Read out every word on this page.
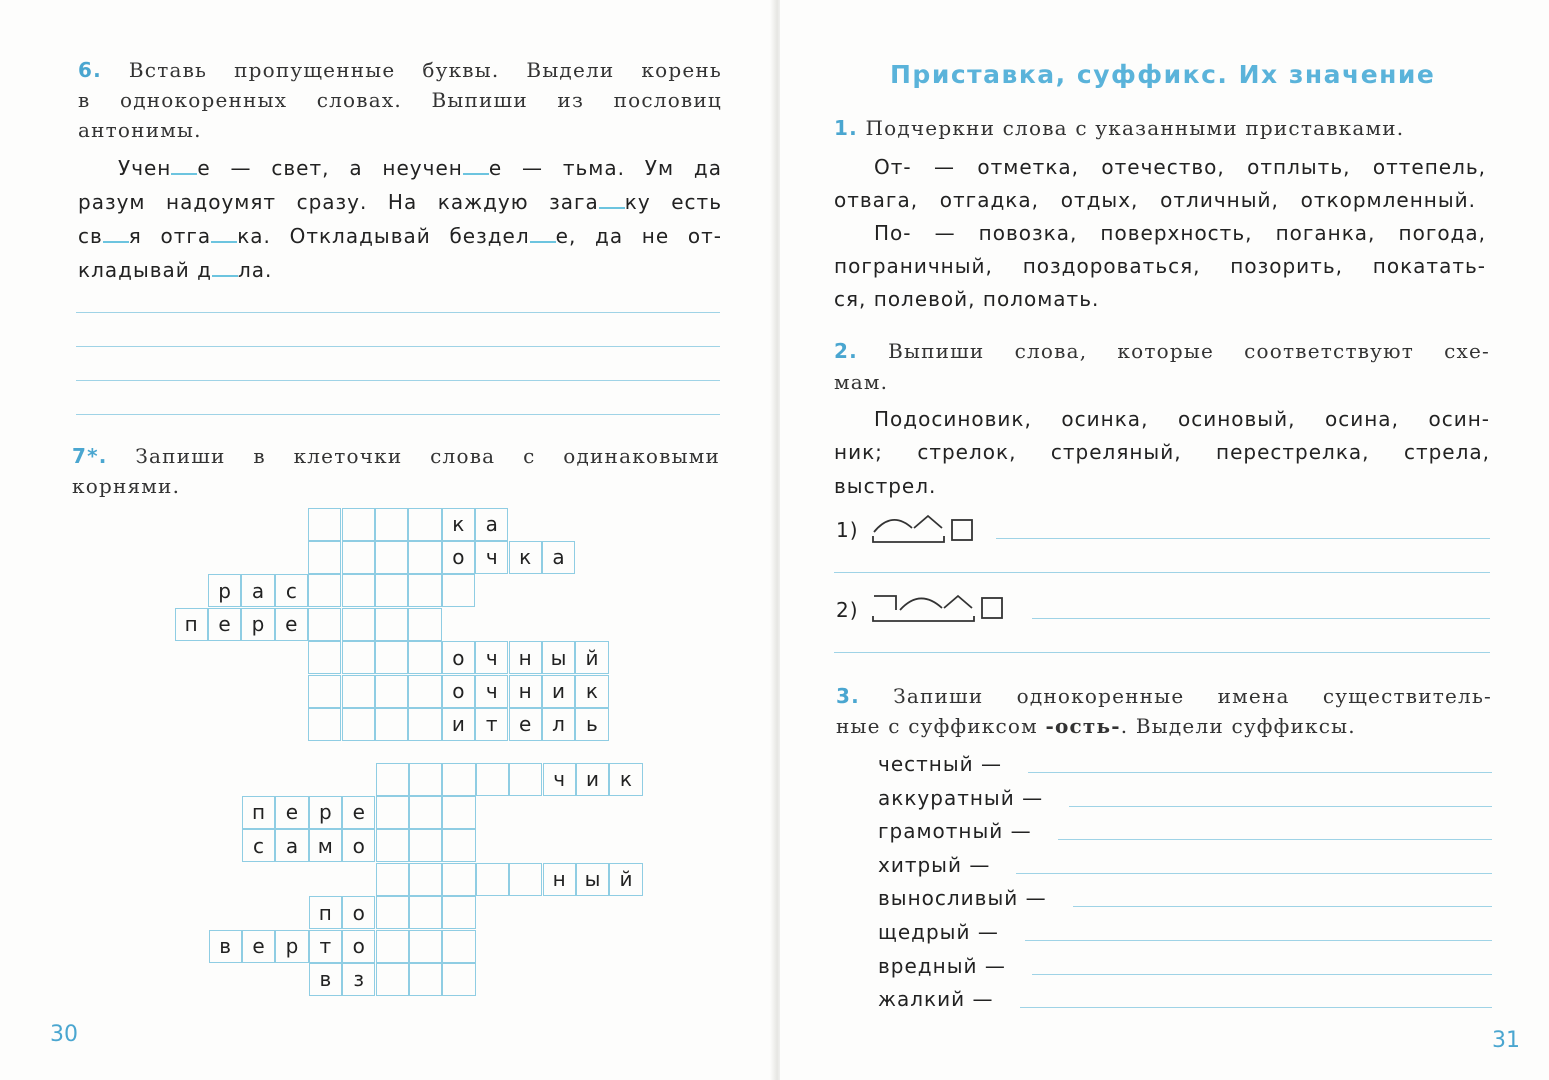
6. Вставь пропущенные буквы. Выдели корень
в однокоренных словах. Выпиши из пословиц
антонимы.
Учен е — свет, а неучен е — тьма. Ум да
разум надоумят сразу. На каждую зага ку есть
св я отга ка. Откладывай бездел е, да не от-
кладывай д ла.
7*. Запиши в клеточки слова с одинаковыми
корнями.
к	а
о	ч	к	а
р	а	с
п	е	р	е
о	ч	н ы й
о	ч	н	и	к
и	т	е	л	ь
ч	и	к
п	е	р	е
с	а м о
н ы й
п	о
в	е	р	т	о
в	з
30
Приставка, суффикс. Их значение
1. Подчеркни слова с указанными приставками.
От- — отметка, отечество, отплыть, оттепель,
отвага, отгадка, отдых, отличный, откормленный.
По- — повозка, поверхность, поганка, погода,
пограничный, поздороваться, позорить, покатать-
ся, полевой, поломать.
2. Выпиши слова, которые соответствуют схе-
мам.
Подосиновик, осинка, осиновый, осина, осин-
ник; стрелок, стреляный, перестрелка, стрела,
выстрел.
1)
2)
3. Запиши однокоренные имена существитель-
ные с суффиксом -ость-. Выдели суффиксы.
честный —
аккуратный —
грамотный —
хитрый —
выносливый —
щедрый —
вредный —
жалкий —
31
